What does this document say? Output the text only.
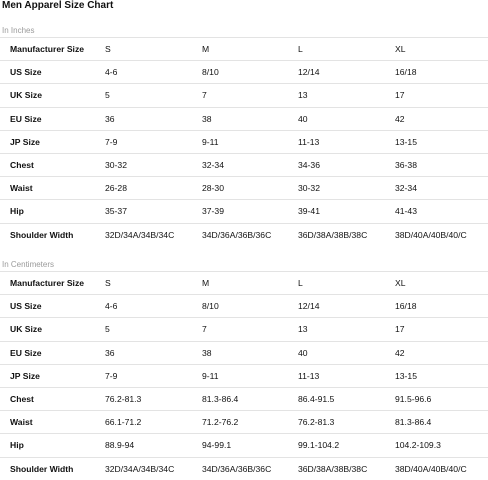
Men Apparel Size Chart
In Inches
Manufacturer Size	S	M	L	XL
US Size	4-6	8/10	12/14	16/18
UK Size	5	7	13	17
EU Size	36	38	40	42
JP Size	7-9	9-11	11-13	13-15
Chest	30-32	32-34	34-36	36-38
Waist	26-28	28-30	30-32	32-34
Hip	35-37	37-39	39-41	41-43
Shoulder Width	32D/34A/34B/34C	34D/36A/36B/36C	36D/38A/38B/38C	38D/40A/40B/40/C
In Centimeters
Manufacturer Size	S	M	L	XL
US Size	4-6	8/10	12/14	16/18
UK Size	5	7	13	17
EU Size	36	38	40	42
JP Size	7-9	9-11	11-13	13-15
Chest	76.2-81.3	81.3-86.4	86.4-91.5	91.5-96.6
Waist	66.1-71.2	71.2-76.2	76.2-81.3	81.3-86.4
Hip	88.9-94	94-99.1	99.1-104.2	104.2-109.3
Shoulder Width	32D/34A/34B/34C	34D/36A/36B/36C	36D/38A/38B/38C	38D/40A/40B/40/C
